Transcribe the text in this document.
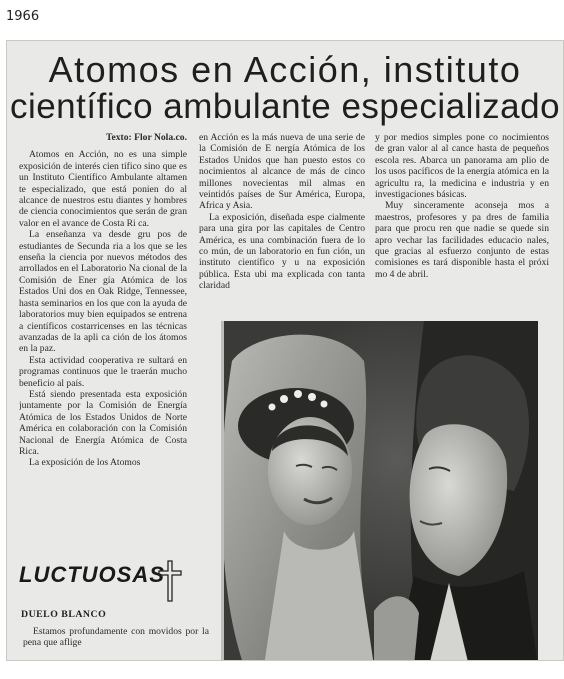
1966
Atomos en Acción, instituto
científico ambulante especializado
Texto: Flor Nola.co.

Atomos en Acción, no es una simple exposición de interés cien tífico sino que es un Instituto Científico Ambulante altamen te especializado, que está ponien do al alcance de nuestros estu diantes y hombres de ciencia conocimientos que serán de gran valor en el avance de Costa Ri ca.

La enseñanza va desde gru pos de estudiantes de Secunda ria a los que se les enseña la ciencia por nuevos métodos des arrollados en el Laboratorio Na cional de la Comisión de Ener gía Atómica de los Estados Uni dos en Oak Ridge, Tennessee, hasta seminarios en los que con la ayuda de laboratorios muy bien equipados se entrena a científicos costarricenses en las técnicas avanzadas de la apli ca ción de los átomos en la paz.

Esta actividad cooperativa re sultará en programas continuos que le traerán mucho beneficio al país.

Está siendo presentada esta exposición juntamente por la Comisión de Energía Atómica de los Estados Unidos de Norte América en colaboración con la Comisión Nacional de Energía Atómica de Costa Rica.

La exposición de los Atomos

en Acción es la más nueva de una serie de la Comisión de E nergía Atómica de los Estados Unidos que han puesto estos co nocimientos al alcance de más de cinco millones novecientas mil almas en veintidós países de Sur América, Europa, Africa y Asia.

La exposición, diseñada espe cialmente para una gira por las capitales de Centro América, es una combinación fuera de lo co mún, de un laboratorio en fun ción, un instituto científico y u na exposición pública. Esta ubi ma explicada con tanta claridad

y por medios simples pone co nocimientos de gran valor al al cance hasta de pequeños escola res. Abarca un panorama am plio de los usos pacíficos de la energía atómica en la agricultu ra, la medicina e industria y en investigaciones básicas.

Muy sinceramente aconseja mos a maestros, profesores y pa dres de familia para que procu ren que nadie se quede sin apro vechar las facilidades educacio nales, que gracias al esfuerzo conjunto de estas comisiones es tará disponible hasta el próxi mo 4 de abril.

LUCTUOSAS
DUELO BLANCO

Estamos profundamente con movidos por la pena que aflige
